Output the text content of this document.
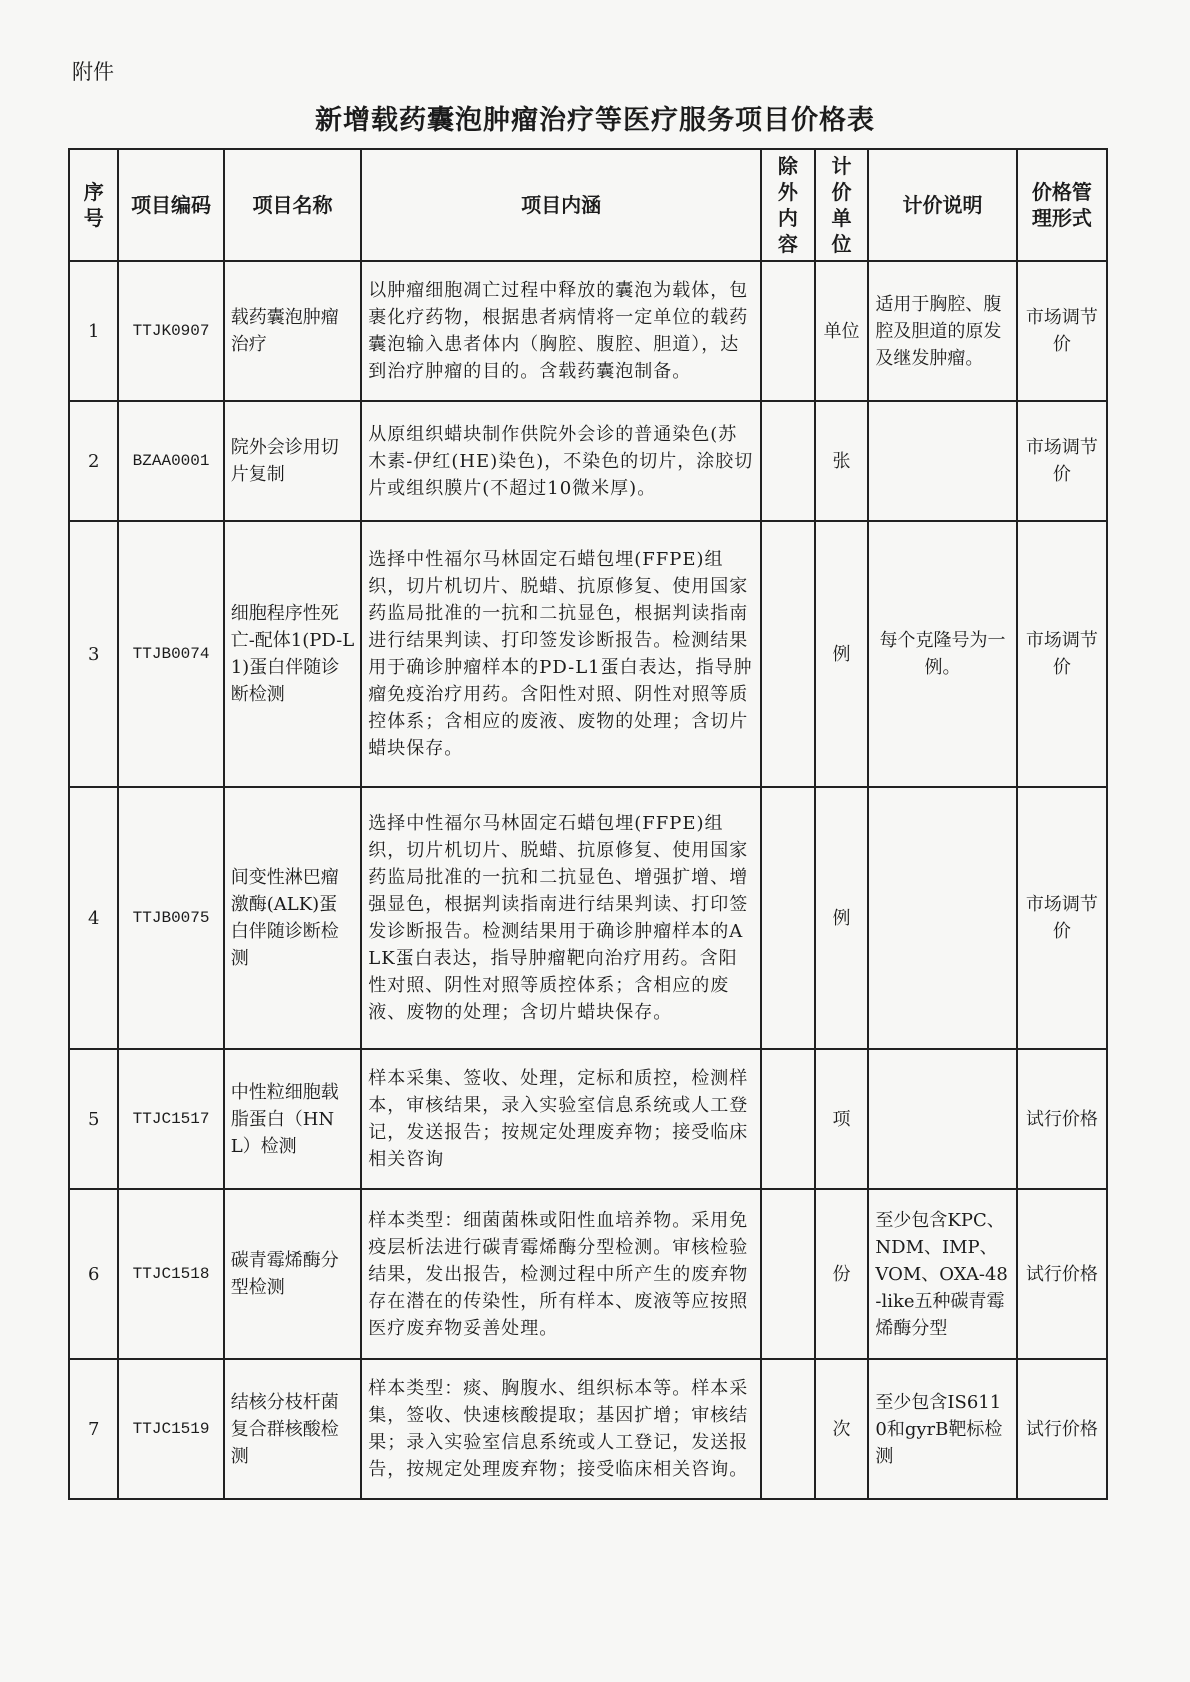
附件
新增载药囊泡肿瘤治疗等医疗服务项目价格表
序号	项目编码	项目名称	项目内涵	除外内容	计价单位	计价说明	价格管理形式
1	TTJK0907	载药囊泡肿瘤治疗	以肿瘤细胞凋亡过程中释放的囊泡为载体，包裹化疗药物，根据患者病情将一定单位的载药囊泡输入患者体内（胸腔、腹腔、胆道），达到治疗肿瘤的目的。含载药囊泡制备。		单位	适用于胸腔、腹腔及胆道的原发及继发肿瘤。	市场调节价
2	BZAA0001	院外会诊用切片复制	从原组织蜡块制作供院外会诊的普通染色(苏木素-伊红(HE)染色)，不染色的切片，涂胶切片或组织膜片(不超过10微米厚)。		张		市场调节价
3	TTJB0074	细胞程序性死亡-配体1(PD-L1)蛋白伴随诊断检测	选择中性福尔马林固定石蜡包埋(FFPE)组织，切片机切片、脱蜡、抗原修复、使用国家药监局批准的一抗和二抗显色，根据判读指南进行结果判读、打印签发诊断报告。检测结果用于确诊肿瘤样本的PD-L1蛋白表达，指导肿瘤免疫治疗用药。含阳性对照、阴性对照等质控体系；含相应的废液、废物的处理；含切片蜡块保存。		例	每个克隆号为一例。	市场调节价
4	TTJB0075	间变性淋巴瘤激酶(ALK)蛋白伴随诊断检测	选择中性福尔马林固定石蜡包埋(FFPE)组织，切片机切片、脱蜡、抗原修复、使用国家药监局批准的一抗和二抗显色、增强扩增、增强显色，根据判读指南进行结果判读、打印签发诊断报告。检测结果用于确诊肿瘤样本的ALK蛋白表达，指导肿瘤靶向治疗用药。含阳性对照、阴性对照等质控体系；含相应的废液、废物的处理；含切片蜡块保存。		例		市场调节价
5	TTJC1517	中性粒细胞载脂蛋白（HNL）检测	样本采集、签收、处理，定标和质控，检测样本，审核结果，录入实验室信息系统或人工登记，发送报告；按规定处理废弃物；接受临床相关咨询		项		试行价格
6	TTJC1518	碳青霉烯酶分型检测	样本类型：细菌菌株或阳性血培养物。采用免疫层析法进行碳青霉烯酶分型检测。审核检验结果，发出报告，检测过程中所产生的废弃物存在潜在的传染性，所有样本、废液等应按照医疗废弃物妥善处理。		份	至少包含KPC、NDM、IMP、VOM、OXA-48-like五种碳青霉烯酶分型	试行价格
7	TTJC1519	结核分枝杆菌复合群核酸检测	样本类型：痰、胸腹水、组织标本等。样本采集，签收、快速核酸提取；基因扩增；审核结果；录入实验室信息系统或人工登记，发送报告，按规定处理废弃物；接受临床相关咨询。		次	至少包含IS6110和gyrB靶标检测	试行价格
